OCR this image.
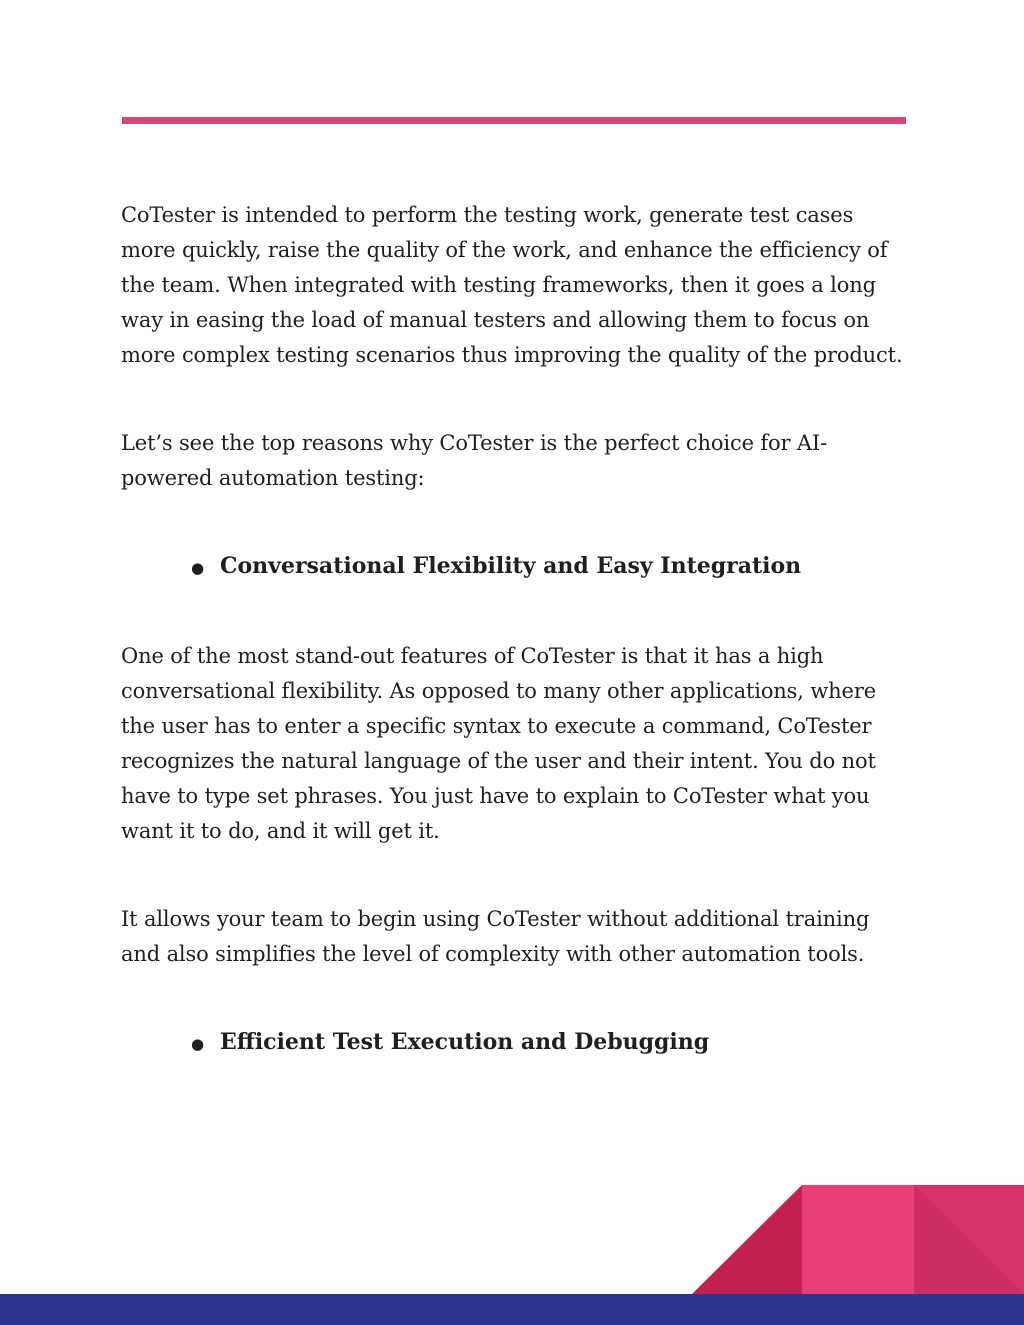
CoTester is intended to perform the testing work, generate test cases more quickly, raise the quality of the work, and enhance the efficiency of the team. When integrated with testing frameworks, then it goes a long way in easing the load of manual testers and allowing them to focus on more complex testing scenarios thus improving the quality of the product.

Let’s see the top reasons why CoTester is the perfect choice for AI-powered automation testing:

● Conversational Flexibility and Easy Integration

One of the most stand-out features of CoTester is that it has a high conversational flexibility. As opposed to many other applications, where the user has to enter a specific syntax to execute a command, CoTester recognizes the natural language of the user and their intent. You do not have to type set phrases. You just have to explain to CoTester what you want it to do, and it will get it.

It allows your team to begin using CoTester without additional training and also simplifies the level of complexity with other automation tools.

● Efficient Test Execution and Debugging
